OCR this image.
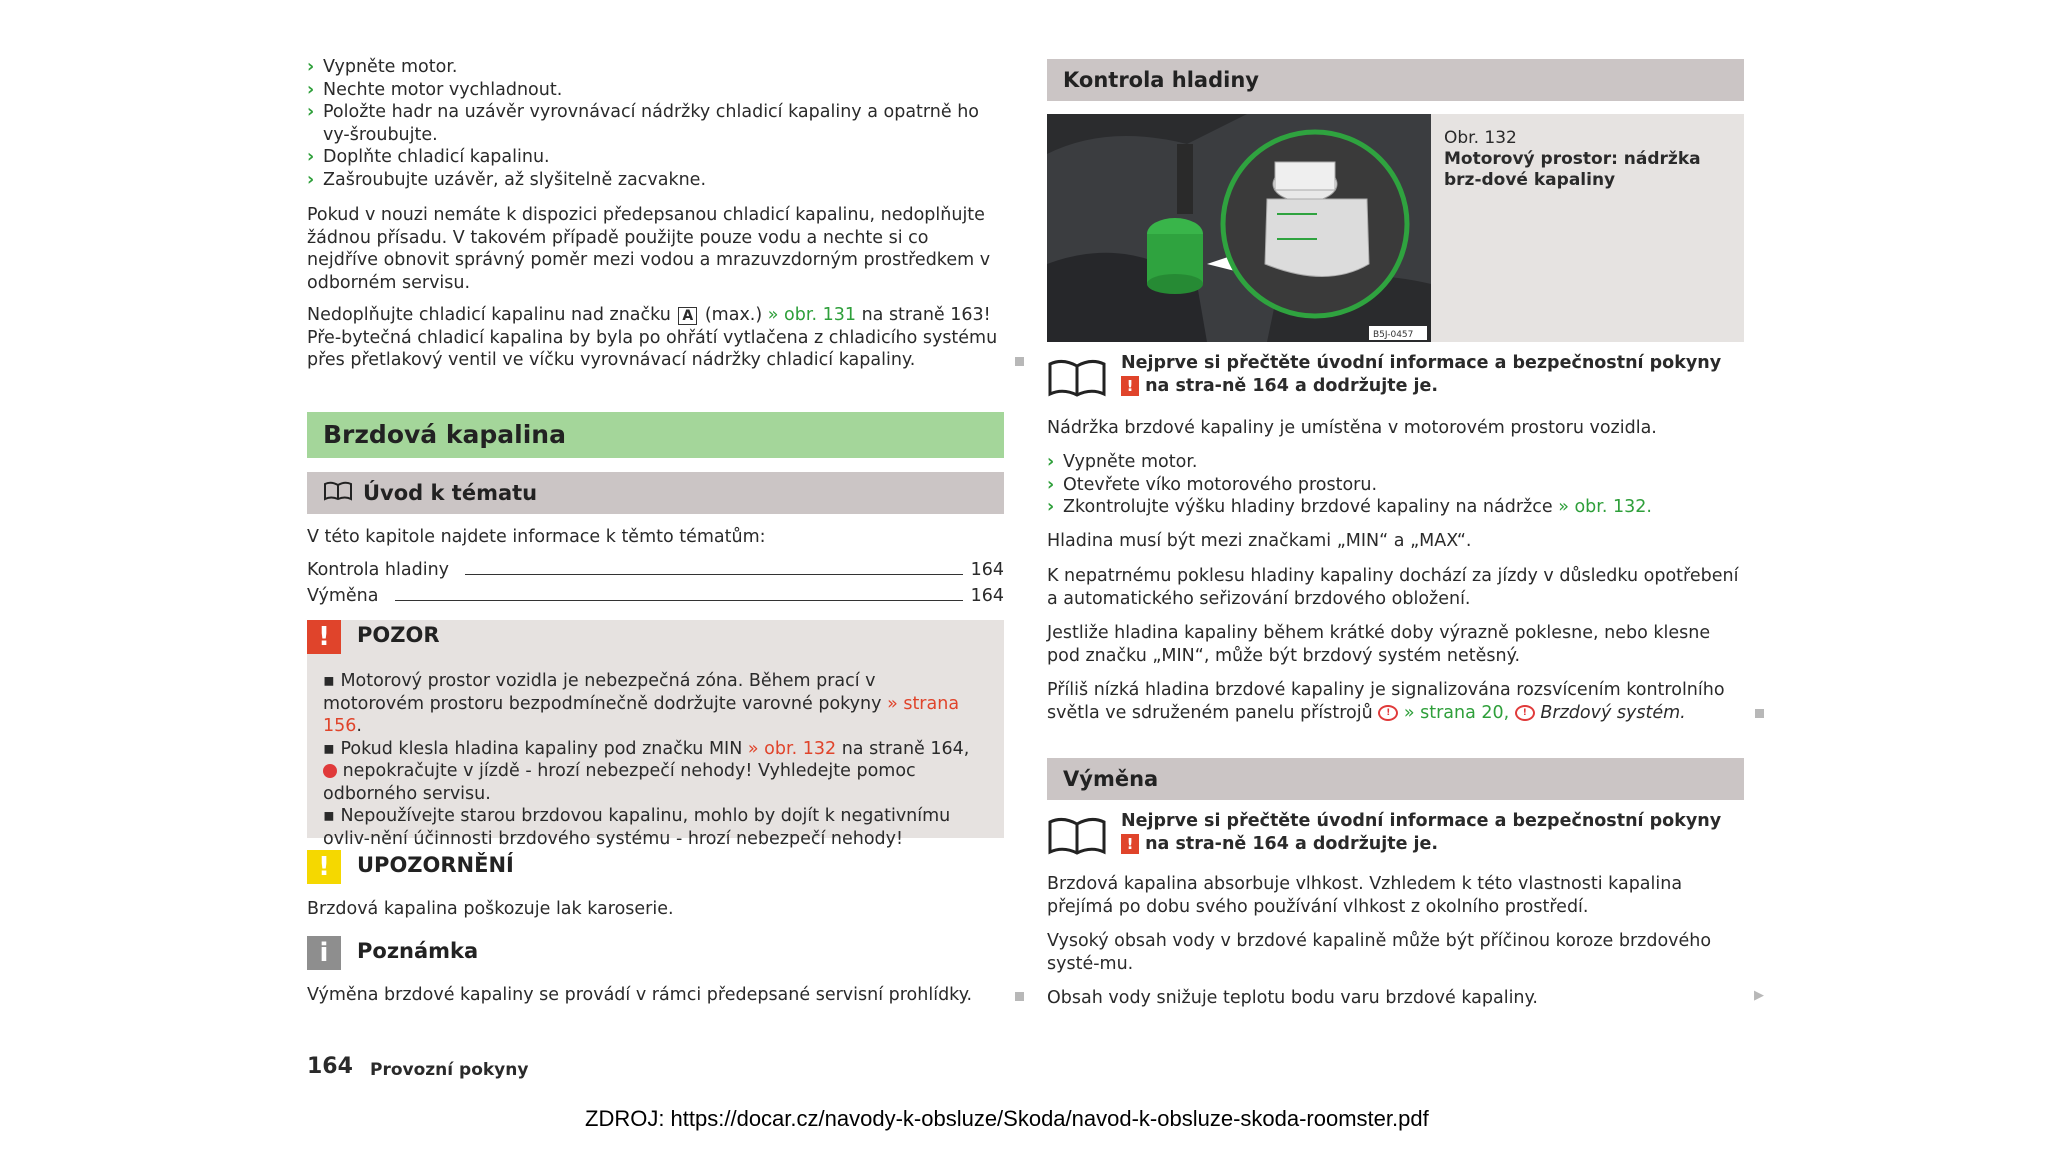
› Vypněte motor.
› Nechte motor vychladnout.
› Položte hadr na uzávěr vyrovnávací nádržky chladicí kapaliny a opatrně ho vy-šroubujte.
› Doplňte chladicí kapalinu.
› Zašroubujte uzávěr, až slyšitelně zacvakne.
Pokud v nouzi nemáte k dispozici předepsanou chladicí kapalinu, nedoplňujte žádnou přísadu. V takovém případě použijte pouze vodu a nechte si co nejdříve obnovit správný poměr mezi vodou a mrazuvzdorným prostředkem v odborném servisu.
Nedoplňujte chladicí kapalinu nad značku A (max.) » obr. 131 na straně 163! Pře-bytečná chladicí kapalina by byla po ohřátí vytlačena z chladicího systému přes přetlakový ventil ve víčku vyrovnávací nádržky chladicí kapaliny.
Brzdová kapalina
Úvod k tématu
V této kapitole najdete informace k těmto tématům:
Kontrola hladiny	164
Výměna	164
!	POZOR
▪ Motorový prostor vozidla je nebezpečná zóna. Během prací v motorovém prostoru bezpodmínečně dodržujte varovné pokyny » strana 156.
▪ Pokud klesla hladina kapaliny pod značku MIN » obr. 132 na straně 164,  nepokračujte v jízdě - hrozí nebezpečí nehody! Vyhledejte pomoc odborného servisu.
▪ Nepoužívejte starou brzdovou kapalinu, mohlo by dojít k negativnímu ovliv-nění účinnosti brzdového systému - hrozí nebezpečí nehody!
!	UPOZORNĚNÍ
Brzdová kapalina poškozuje lak karoserie.
i	Poznámka
Výměna brzdové kapaliny se provádí v rámci předepsané servisní prohlídky.
164 Provozní pokyny
Kontrola hladiny
B5J-0457
Obr. 132
Motorový prostor: nádržka brz-dové kapaliny
Nejprve si přečtěte úvodní informace a bezpečnostní pokyny ! na stra-ně 164 a dodržujte je.
Nádržka brzdové kapaliny je umístěna v motorovém prostoru vozidla.
› Vypněte motor.
› Otevřete víko motorového prostoru.
› Zkontrolujte výšku hladiny brzdové kapaliny na nádržce » obr. 132.
Hladina musí být mezi značkami „MIN“ a „MAX“.
K nepatrnému poklesu hladiny kapaliny dochází za jízdy v důsledku opotřebení a automatického seřizování brzdového obložení.
Jestliže hladina kapaliny během krátké doby výrazně poklesne, nebo klesne pod značku „MIN“, může být brzdový systém netěsný.
Příliš nízká hladina brzdové kapaliny je signalizována rozsvícením kontrolního světla ve sdruženém panelu přístrojů ! » strana 20, ! Brzdový systém.
Výměna
Nejprve si přečtěte úvodní informace a bezpečnostní pokyny ! na stra-ně 164 a dodržujte je.
Brzdová kapalina absorbuje vlhkost. Vzhledem k této vlastnosti kapalina přejímá po dobu svého používání vlhkost z okolního prostředí.
Vysoký obsah vody v brzdové kapalině může být příčinou koroze brzdového systé-mu.
Obsah vody snižuje teplotu bodu varu brzdové kapaliny.	▶
ZDROJ: https://docar.cz/navody-k-obsluze/Skoda/navod-k-obsluze-skoda-roomster.pdf
